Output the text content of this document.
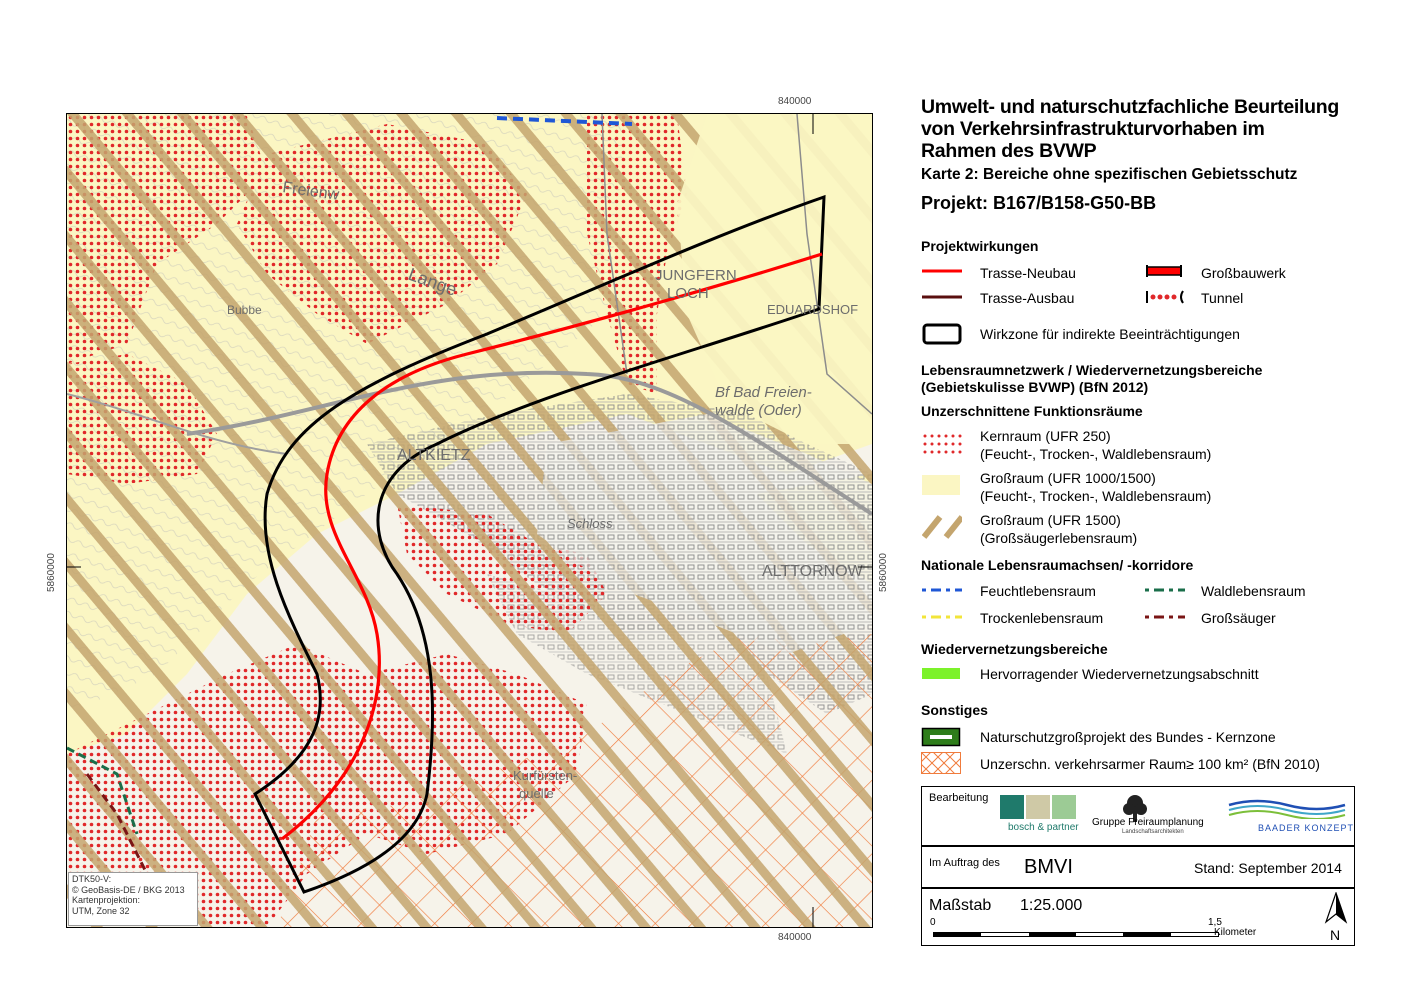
JUNGFERN
LOCH
EDUARDSHOF
Bf Bad Freien-
walde (Oder)
ALTKIETZ
ALTTORNOW
Schloss
Freienw
Lange
Bubbe
Kurfürsten-
quelle
840000
840000
5860000	5860000
DTK50-V:
© GeoBasis-DE / BKG 2013
Kartenprojektion:
UTM, Zone 32
Umwelt- und naturschutzfachliche Beurteilung
von Verkehrsinfrastrukturvorhaben im
Rahmen des BVWP
Karte 2: Bereiche ohne spezifischen Gebietsschutz
Projekt: B167/B158-G50-BB
Projektwirkungen
Trasse-Neubau	Großbauwerk
Trasse-Ausbau	Tunnel
Wirkzone für indirekte Beeinträchtigungen
Lebensraumnetzwerk / Wiedervernetzungsbereiche
(Gebietskulisse BVWP) (BfN 2012)
Unzerschnittene Funktionsräume
Kernraum (UFR 250)
(Feucht-, Trocken-, Waldlebensraum)
Großraum (UFR 1000/1500)
(Feucht-, Trocken-, Waldlebensraum)
Großraum (UFR 1500)
(Großsäugerlebensraum)
Nationale Lebensraumachsen/ -korridore
Feuchtlebensraum	Waldlebensraum
Trockenlebensraum	Großsäuger
Wiedervernetzungsbereiche
Hervorragender Wiedervernetzungsabschnitt
Sonstiges
Naturschutzgroßprojekt des Bundes - Kernzone
Unzerschn. verkehrsarmer Raum≥ 100 km² (BfN 2010)
Bearbeitung
bosch & partner Gruppe Freiraumplanung
Landschaftsarchitekten	BAADER KONZEPT
Im Auftrag des BMVI	Stand: September 2014
Maßstab 1:25.000
0	1,5
Kilometer	N
